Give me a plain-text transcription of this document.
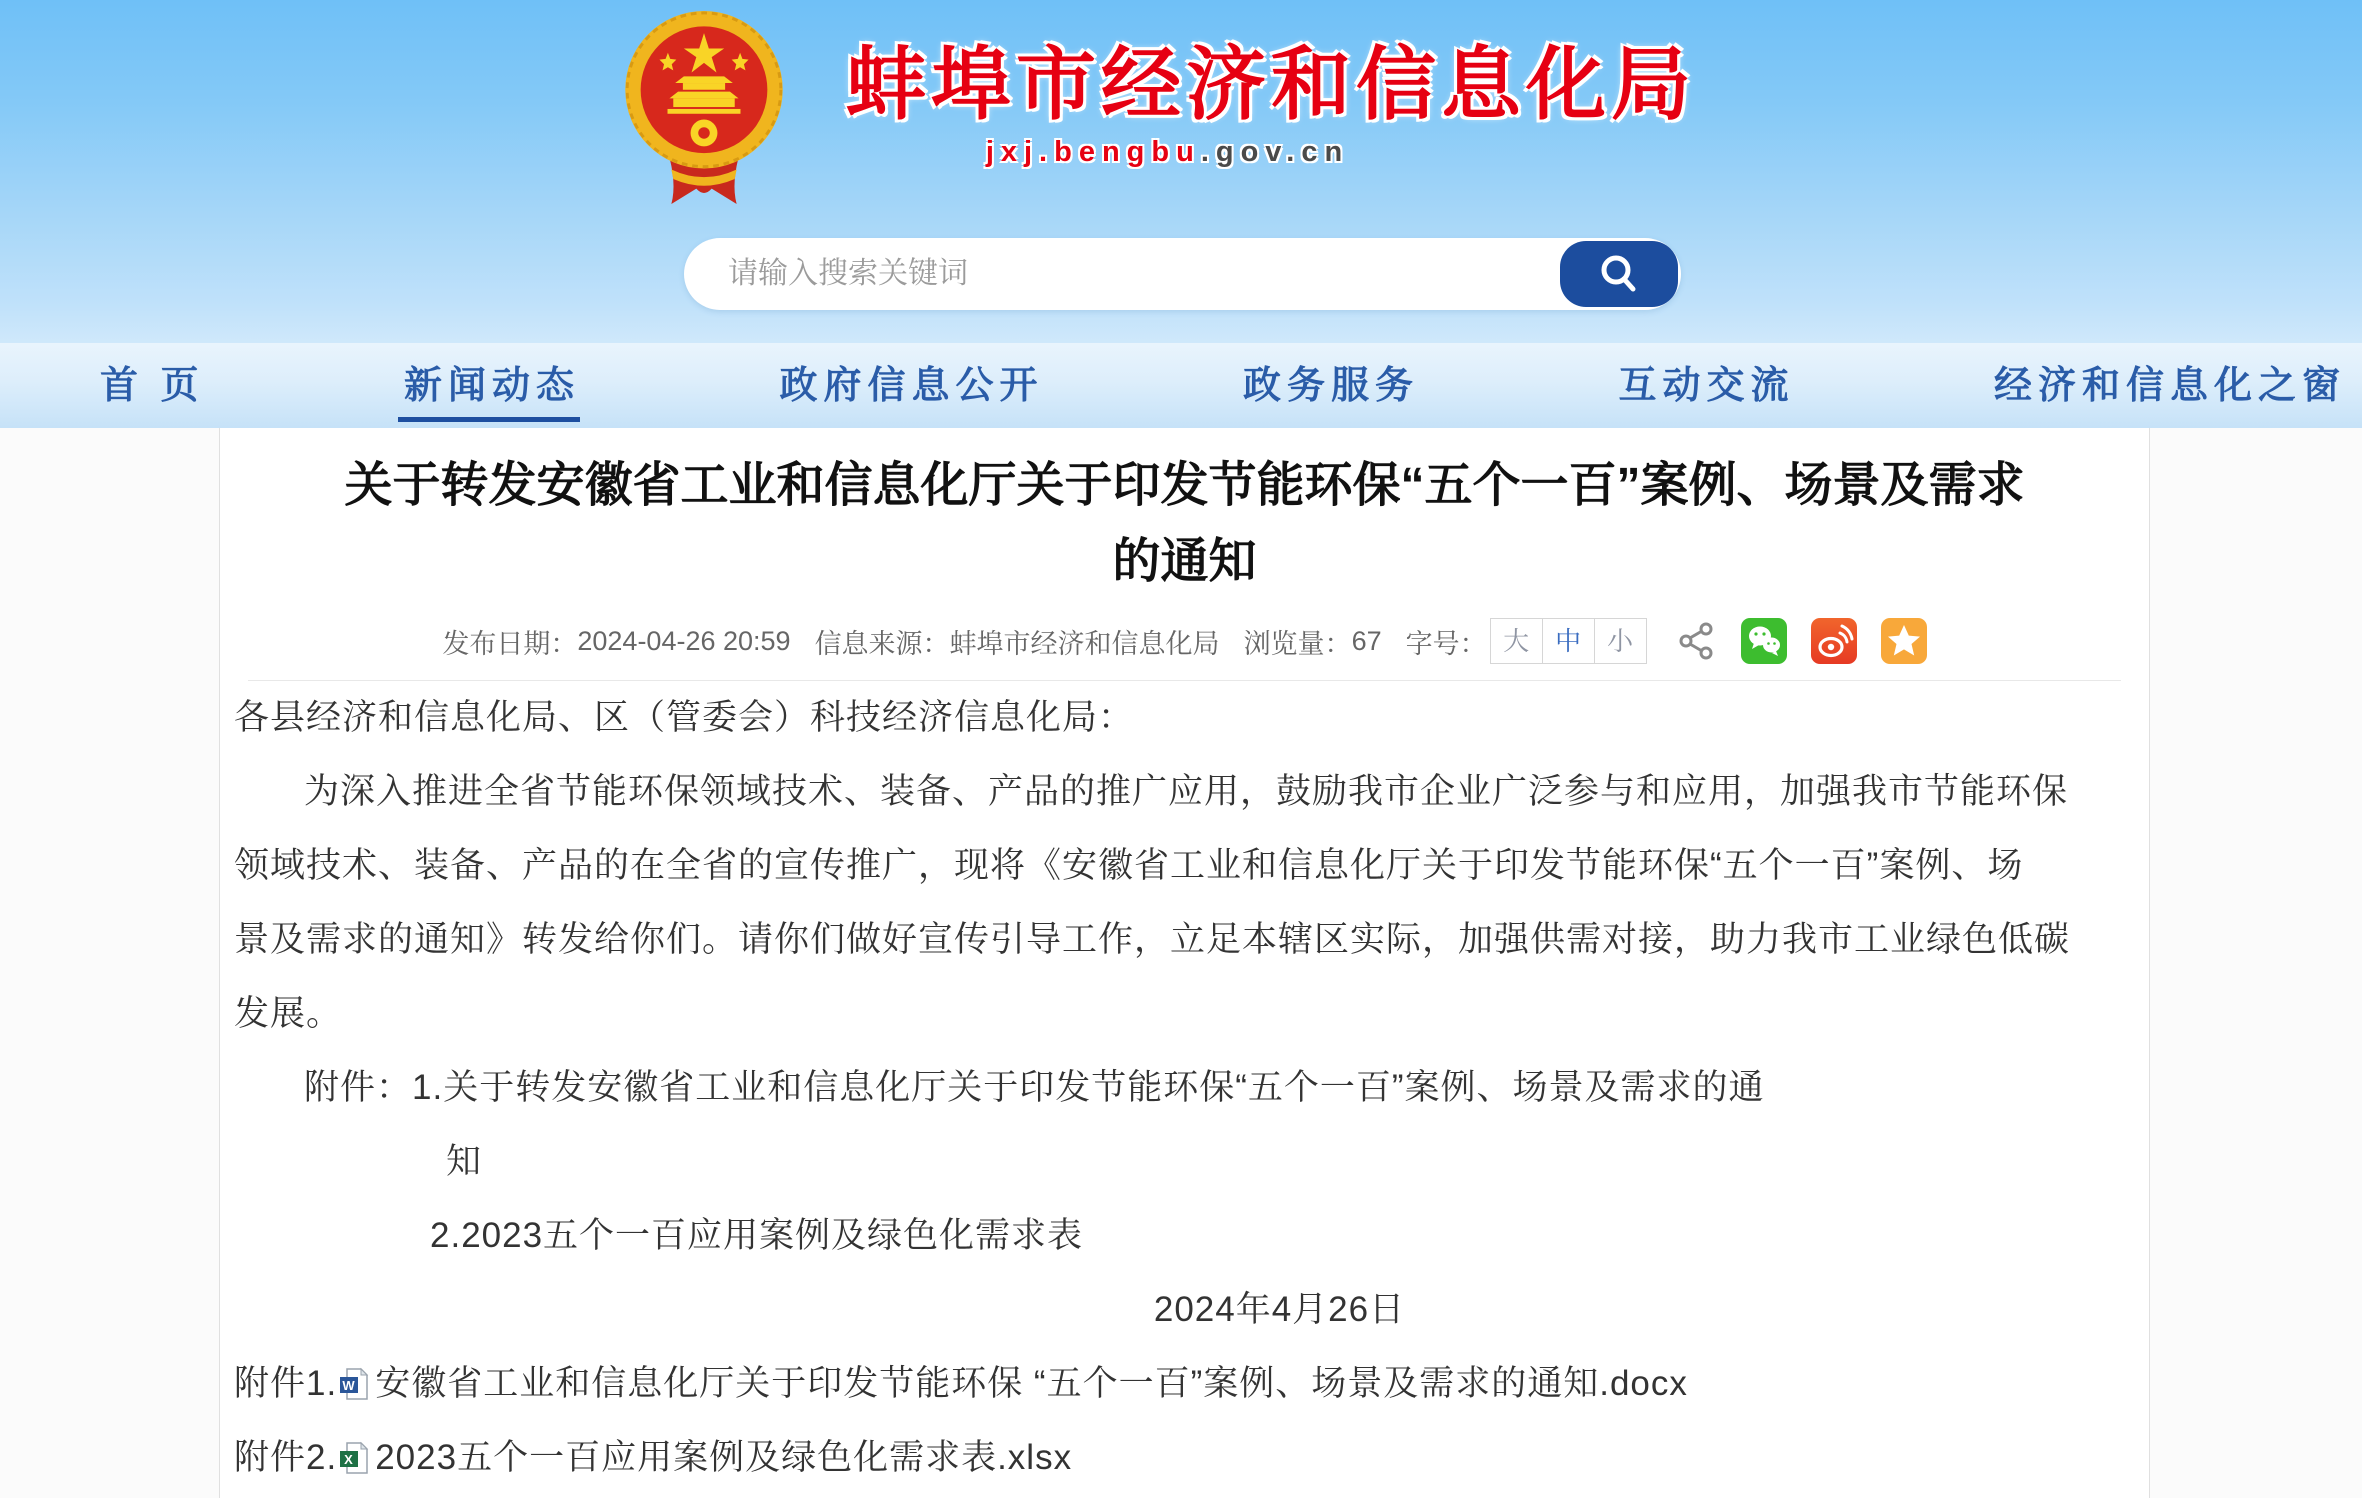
蚌埠市经济和信息化局
jxj.bengbu.gov.cn
请输入搜索关键词
首 页	新闻动态	政府信息公开	政务服务	互动交流	经济和信息化之窗
关于转发安徽省工业和信息化厅关于印发节能环保“五个一百”案例、场景及需求
的通知
发布日期： 2024-04-26 20:59 信息来源： 蚌埠市经济和信息化局 浏览量： 67 字号： 大 中 小
各县经济和信息化局、区（管委会）科技经济信息化局：
为深入推进全省节能环保领域技术、装备、产品的推广应用，鼓励我市企业广泛参与和应用，加强我市节能环保
领域技术、装备、产品的在全省的宣传推广，现将《安徽省工业和信息化厅关于印发节能环保“五个一百”案例、场
景及需求的通知》转发给你们。请你们做好宣传引导工作，立足本辖区实际，加强供需对接，助力我市工业绿色低碳
发展。
附件：1.关于转发安徽省工业和信息化厅关于印发节能环保“五个一百”案例、场景及需求的通
知
2.2023五个一百应用案例及绿色化需求表
2024年4月26日
附件1. W 安徽省工业和信息化厅关于印发节能环保 “五个一百”案例、场景及需求的通知.docx
附件2. X 2023五个一百应用案例及绿色化需求表.xlsx
